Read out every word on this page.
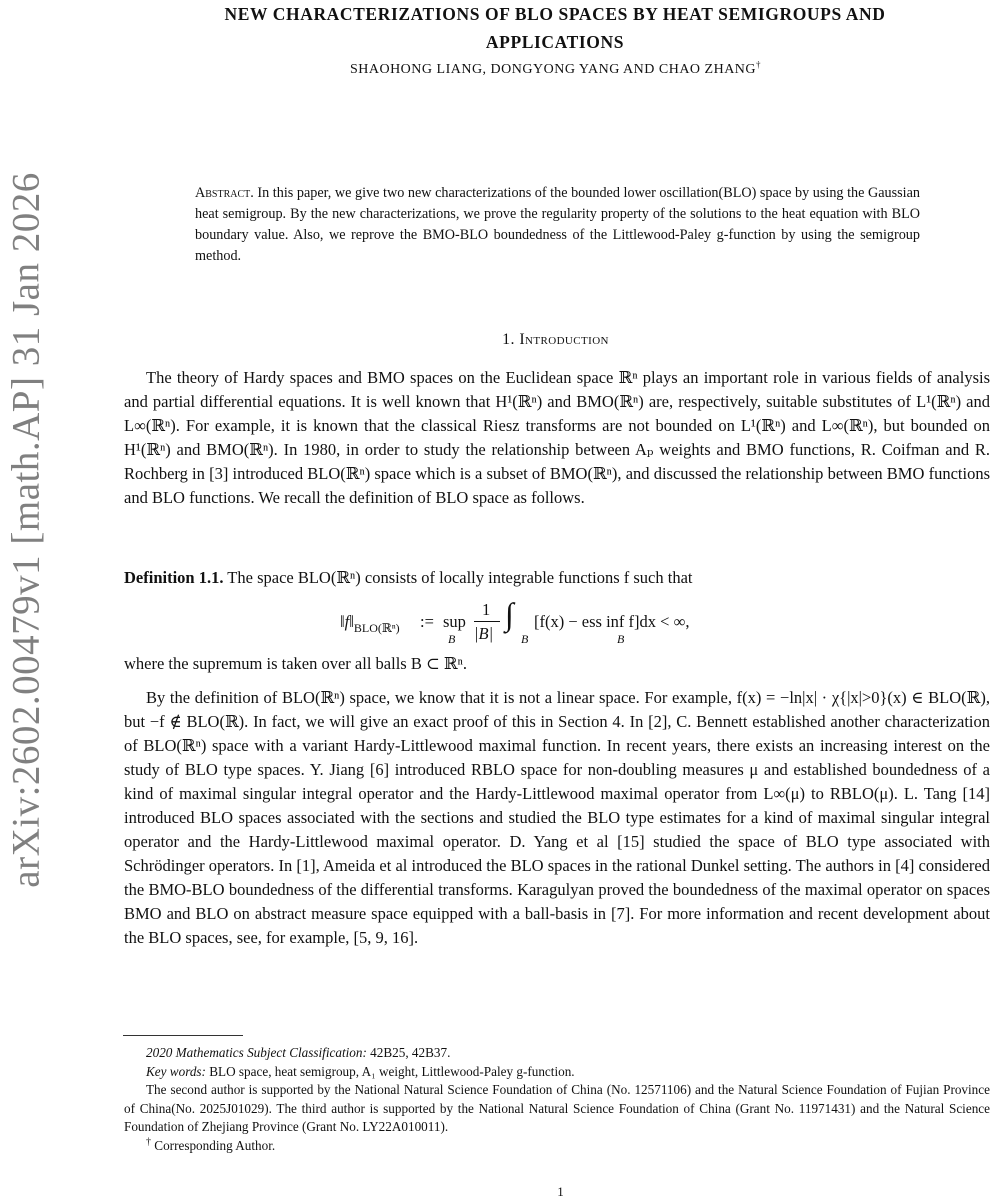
arXiv:2602.00479v1 [math.AP] 31 Jan 2026
NEW CHARACTERIZATIONS OF BLO SPACES BY HEAT SEMIGROUPS AND
APPLICATIONS
SHAOHONG LIANG, DONGYONG YANG AND CHAO ZHANG†
Abstract. In this paper, we give two new characterizations of the bounded lower oscillation(BLO) space by using the Gaussian heat semigroup. By the new characterizations, we prove the regularity property of the solutions to the heat equation with BLO boundary value. Also, we reprove the BMO-BLO boundedness of the Littlewood-Paley g-function by using the semigroup method.
1. Introduction
The theory of Hardy spaces and BMO spaces on the Euclidean space ℝⁿ plays an important role in various fields of analysis and partial differential equations. It is well known that H¹(ℝⁿ) and BMO(ℝⁿ) are, respectively, suitable substitutes of L¹(ℝⁿ) and L∞(ℝⁿ). For example, it is known that the classical Riesz transforms are not bounded on L¹(ℝⁿ) and L∞(ℝⁿ), but bounded on H¹(ℝⁿ) and BMO(ℝⁿ). In 1980, in order to study the relationship between Aₚ weights and BMO functions, R. Coifman and R. Rochberg in [3] introduced BLO(ℝⁿ) space which is a subset of BMO(ℝⁿ), and discussed the relationship between BMO functions and BLO functions. We recall the definition of BLO space as follows.
Definition 1.1. The space BLO(ℝⁿ) consists of locally integrable functions f such that
$‖f‖_{BLO(ℝ^n)}$ := sup
B
1
|B|
∫
B
[f(x) − ess inf f]dx < ∞,
B
where the supremum is taken over all balls B ⊂ ℝⁿ.
By the definition of BLO(ℝⁿ) space, we know that it is not a linear space. For example, f(x) = −ln|x| · χ{|x|>0}(x) ∈ BLO(ℝ), but −f ∉ BLO(ℝ). In fact, we will give an exact proof of this in Section 4. In [2], C. Bennett established another characterization of BLO(ℝⁿ) space with a variant Hardy-Littlewood maximal function. In recent years, there exists an increasing interest on the study of BLO type spaces. Y. Jiang [6] introduced RBLO space for non-doubling measures μ and established boundedness of a kind of maximal singular integral operator and the Hardy-Littlewood maximal operator from L∞(μ) to RBLO(μ). L. Tang [14] introduced BLO spaces associated with the sections and studied the BLO type estimates for a kind of maximal singular integral operator and the Hardy-Littlewood maximal operator. D. Yang et al [15] studied the space of BLO type associated with Schrödinger operators. In [1], Ameida et al introduced the BLO spaces in the rational Dunkel setting. The authors in [4] considered the BMO-BLO boundedness of the differential transforms. Karagulyan proved the boundedness of the maximal operator on spaces BMO and BLO on abstract measure space equipped with a ball-basis in [7]. For more information and recent development about the BLO spaces, see, for example, [5, 9, 16].
2020 Mathematics Subject Classification: 42B25, 42B37.
Key words: BLO space, heat semigroup, A₁ weight, Littlewood-Paley g-function.
The second author is supported by the National Natural Science Foundation of China (No. 12571106) and the Natural Science Foundation of Fujian Province of China(No. 2025J01029). The third author is supported by the National Natural Science Foundation of China (Grant No. 11971431) and the Natural Science Foundation of Zhejiang Province (Grant No. LY22A010011).
† Corresponding Author.
1
